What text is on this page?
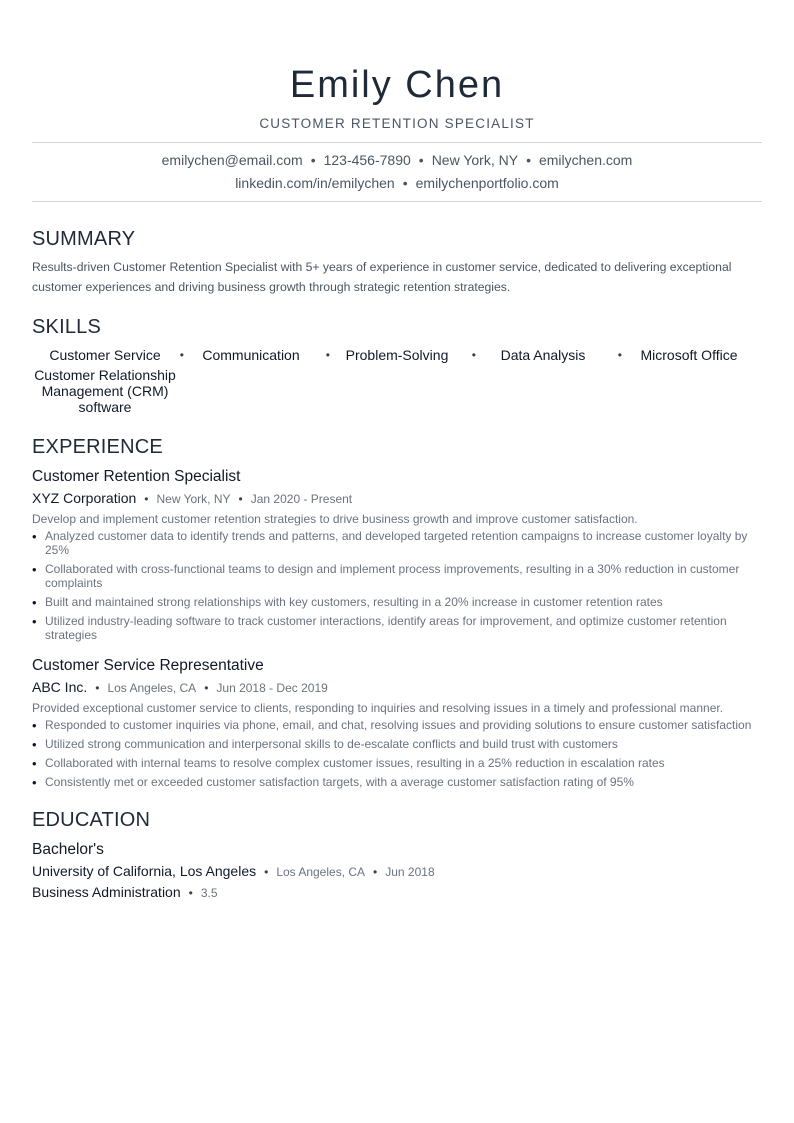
Emily Chen
CUSTOMER RETENTION SPECIALIST
emilychen@email.com • 123-456-7890 • New York, NY • emilychen.com
linkedin.com/in/emilychen • emilychenportfolio.com
SUMMARY
Results-driven Customer Retention Specialist with 5+ years of experience in customer service, dedicated to delivering exceptional customer experiences and driving business growth through strategic retention strategies.
SKILLS
Customer Service •	Communication •	Problem-Solving •	Data Analysis	•	Microsoft Office
Customer Relationship Management (CRM) software
EXPERIENCE
Customer Retention Specialist
XYZ Corporation • New York, NY • Jan 2020 - Present
Develop and implement customer retention strategies to drive business growth and improve customer satisfaction.
• Analyzed customer data to identify trends and patterns, and developed targeted retention campaigns to increase customer loyalty by 25%
• Collaborated with cross-functional teams to design and implement process improvements, resulting in a 30% reduction in customer complaints
• Built and maintained strong relationships with key customers, resulting in a 20% increase in customer retention rates
• Utilized industry-leading software to track customer interactions, identify areas for improvement, and optimize customer retention strategies
Customer Service Representative
ABC Inc. • Los Angeles, CA • Jun 2018 - Dec 2019
Provided exceptional customer service to clients, responding to inquiries and resolving issues in a timely and professional manner.
• Responded to customer inquiries via phone, email, and chat, resolving issues and providing solutions to ensure customer satisfaction
• Utilized strong communication and interpersonal skills to de-escalate conflicts and build trust with customers
• Collaborated with internal teams to resolve complex customer issues, resulting in a 25% reduction in escalation rates
• Consistently met or exceeded customer satisfaction targets, with a average customer satisfaction rating of 95%
EDUCATION
Bachelor's
University of California, Los Angeles • Los Angeles, CA • Jun 2018
Business Administration • 3.5
